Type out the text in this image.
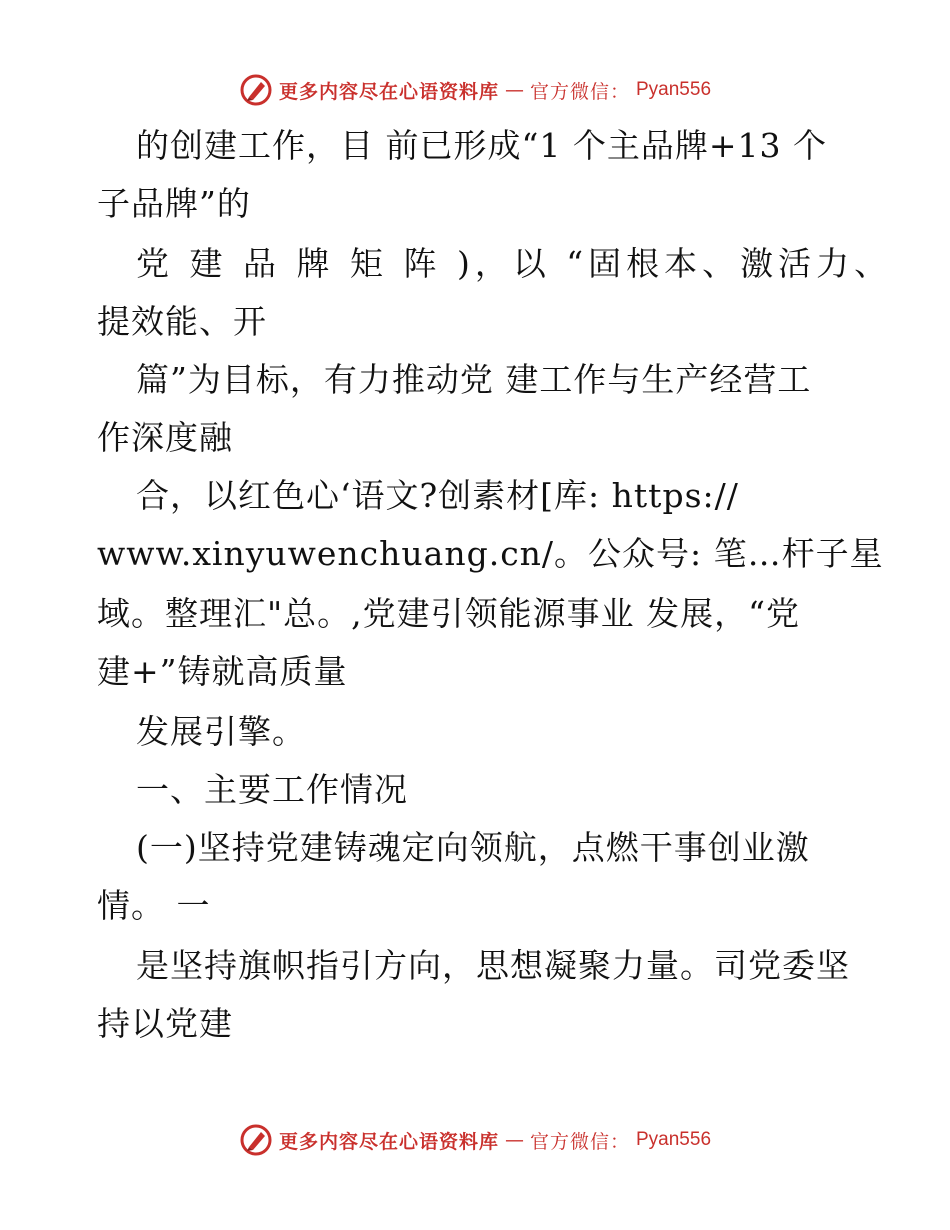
更多内容尽在心语资料库 — 官方微信： Pyan556
的创建工作，目 前已形成“1 个主品牌+13 个
子品牌”的
党 建 品 牌 矩 阵 )，以 “固根本、激活力、
提效能、开
篇”为目标，有力推动党 建工作与生产经营工
作深度融
合，以红色心‘语文?创素材[库: https://
www.xinyuwenchuang.cn/。公众号: 笔…杆子星
域。整理汇"总。,党建引领能源事业 发展，“党
建+”铸就高质量
发展引擎。
一、主要工作情况
(一)坚持党建铸魂定向领航，点燃干事创业激
情。 一
是坚持旗帜指引方向，思想凝聚力量。司党委坚
持以党建
更多内容尽在心语资料库 — 官方微信： Pyan556
